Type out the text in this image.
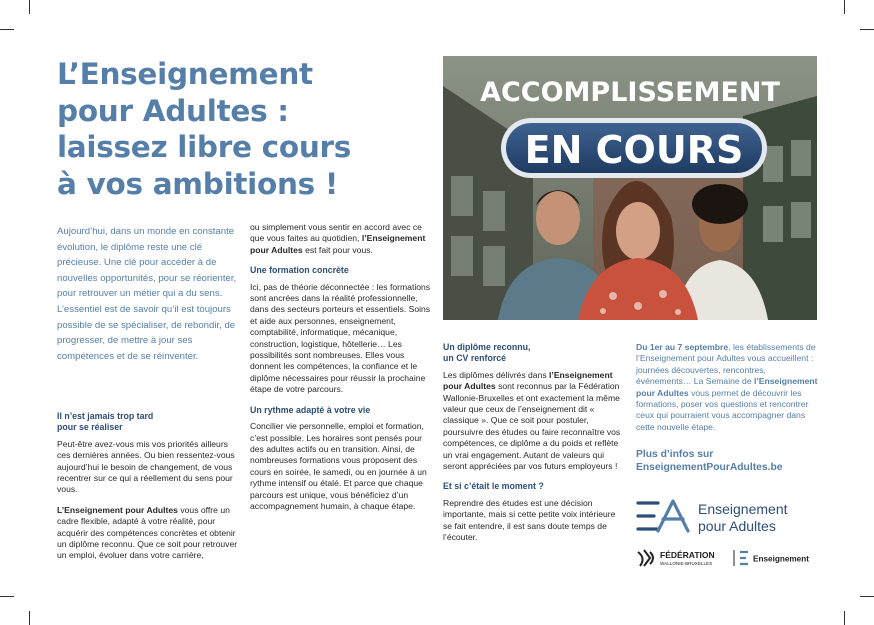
L’Enseignement
pour Adultes :
laissez libre cours
à vos ambitions !

Aujourd’hui, dans un monde en constante évolution, le diplôme reste une clé précieuse. Une clé pour accéder à de nouvelles opportunités, pour se réorienter, pour retrouver un métier qui a du sens. L’essentiel est de savoir qu’il est toujours possible de se spécialiser, de rebondir, de progresser, de mettre à jour ses compétences et de se réinventer.

Il n’est jamais trop tard
pour se réaliser

Peut-être avez-vous mis vos priorités ailleurs ces dernières années. Ou bien ressentez-vous aujourd’hui le besoin de changement, de vous recentrer sur ce qui a réellement du sens pour vous.

L’Enseignement pour Adultes vous offre un cadre flexible, adapté à votre réalité, pour acquérir des compétences concrètes et obtenir un diplôme reconnu. Que ce soit pour retrouver un emploi, évoluer dans votre carrière,

ou simplement vous sentir en accord avec ce que vous faites au quotidien, l’Enseignement pour Adultes est fait pour vous.

Une formation concrète

Ici, pas de théorie déconnectée : les formations sont ancrées dans la réalité professionnelle, dans des secteurs porteurs et essentiels. Soins et aide aux personnes, enseignement, comptabilité, informatique, mécanique, construction, logistique, hôtellerie… Les possibilités sont nombreuses. Elles vous donnent les compétences, la confiance et le diplôme nécessaires pour réussir la prochaine étape de votre parcours.

Un rythme adapté à votre vie

Concilier vie personnelle, emploi et formation, c’est possible. Les horaires sont pensés pour des adultes actifs ou en transition. Ainsi, de nombreuses formations vous proposent des cours en soirée, le samedi, ou en journée à un rythme intensif ou étalé. Et parce que chaque parcours est unique, vous bénéficiez d’un accompagnement humain, à chaque étape.

ACCOMPLISSEMENT
EN COURS
Un diplôme reconnu,
un CV renforcé

Les diplômes délivrés dans l’Enseignement pour Adultes sont reconnus par la Fédération Wallonie-Bruxelles et ont exactement la même valeur que ceux de l’enseignement dit « classique ». Que ce soit pour postuler, poursuivre des études ou faire reconnaître vos compétences, ce diplôme a du poids et reflète un vrai engagement. Autant de valeurs qui seront appréciées par vos futurs employeurs !

Et si c’était le moment ?

Reprendre des études est une décision importante, mais si cette petite voix intérieure se fait entendre, il est sans doute temps de l’écouter.

Du 1er au 7 septembre, les établissements de l’Enseignement pour Adultes vous accueillent : journées découvertes, rencontres, événements… La Semaine de l’Enseignement pour Adultes vous permet de découvrir les formations, poser vos questions et rencontrer ceux qui pourraient vous accompagner dans cette nouvelle étape.

Plus d’infos sur
EnseignementPourAdultes.be
Enseignement
pour Adultes
FÉDÉRATION
WALLONIE-BRUXELLES	Enseignement
